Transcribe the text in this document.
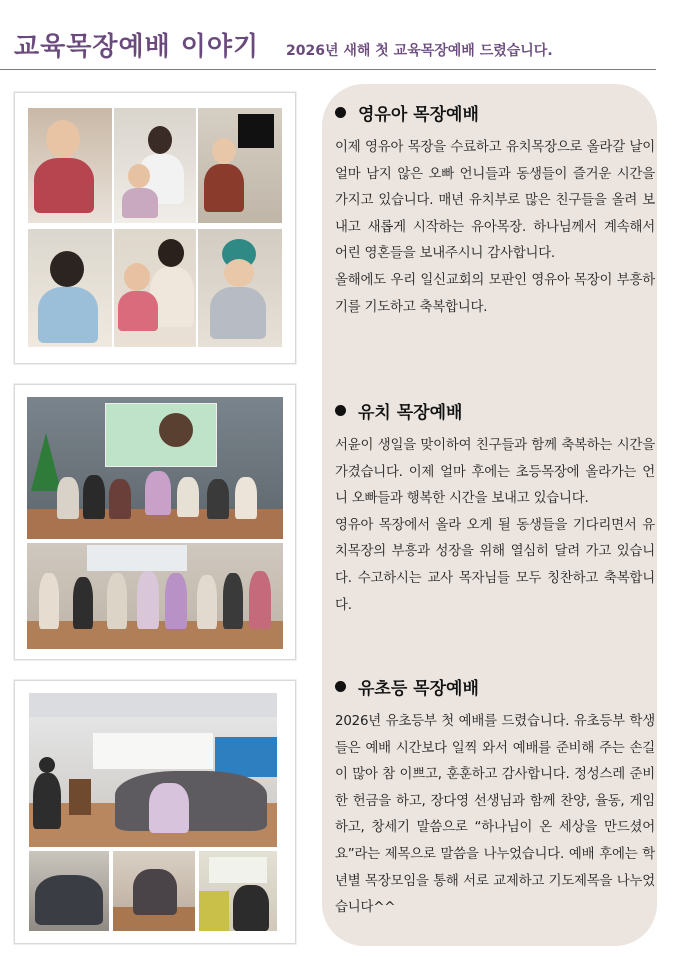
교육목장예배 이야기 2026년 새해 첫 교육목장예배 드렸습니다.
영유아 목장예배

이제 영유아 목장을 수료하고 유치목장으로 올라갈 날이 얼마 남지 않은 오빠 언니들과 동생들이 즐거운 시간을 가지고 있습니다. 매년 유치부로 많은 친구들을 올려 보내고 새롭게 시작하는 유아목장. 하나님께서 계속해서 어린 영혼들을 보내주시니 감사합니다.

올해에도 우리 일신교회의 모판인 영유아 목장이 부흥하기를 기도하고 축복합니다.

유치 목장예배

서윤이 생일을 맞이하여 친구들과 함께 축복하는 시간을 가겼습니다. 이제 얼마 후에는 초등목장에 올라가는 언니 오빠들과 행복한 시간을 보내고 있습니다.

영유아 목장에서 올라 오게 될 동생들을 기다리면서 유치목장의 부흥과 성장을 위해 열심히 달려 가고 있습니다. 수고하시는 교사 목자님들 모두 칭찬하고 축복합니다.

유초등 목장예배

2026년 유초등부 첫 예배를 드렸습니다. 유초등부 학생들은 예배 시간보다 일찍 와서 예배를 준비해 주는 손길이 많아 참 이쁘고, 훈훈하고 감사합니다. 정성스레 준비한 헌금을 하고, 장다영 선생님과 함께 찬양, 율동, 게임하고, 창세기 말씀으로 “하나님이 온 세상을 만드셨어요”라는 제목으로 말씀을 나누었습니다. 예배 후에는 학년별 목장모임을 통해 서로 교제하고 기도제목을 나누었습니다^^
